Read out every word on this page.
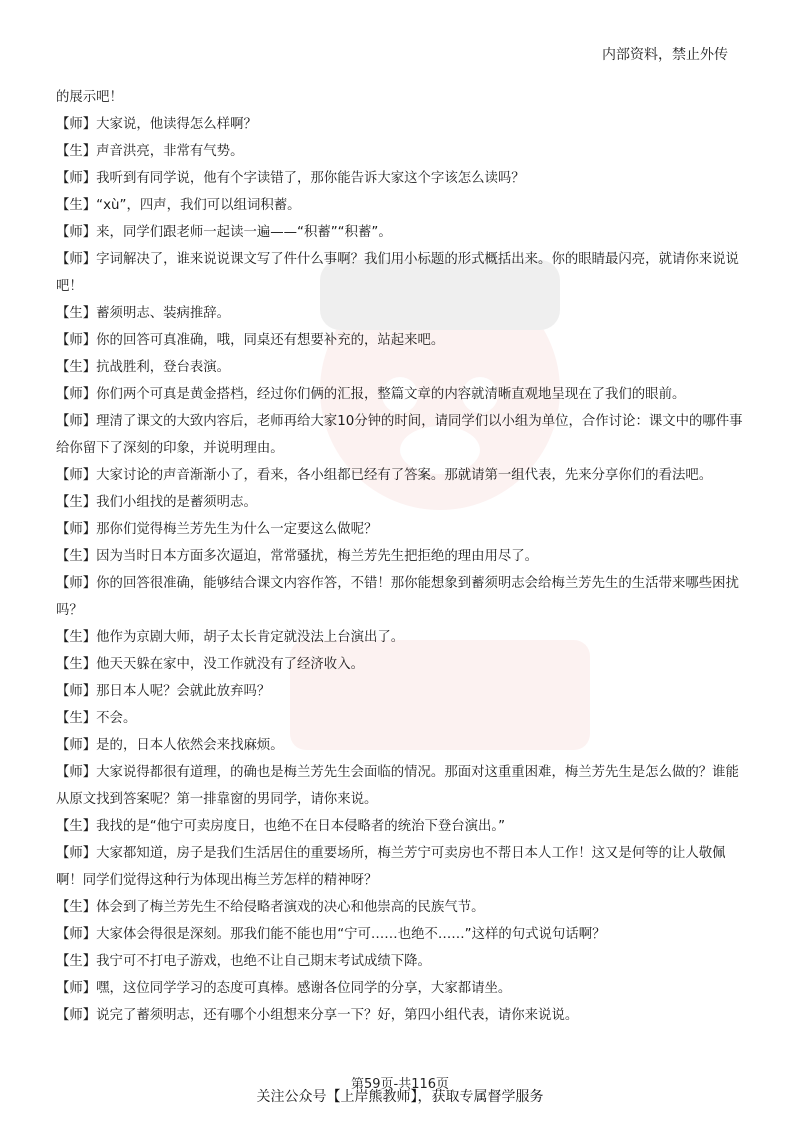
内部资料，禁止外传

的展示吧！

【师】大家说，他读得怎么样啊？

【生】声音洪亮，非常有气势。

【师】我听到有同学说，他有个字读错了，那你能告诉大家这个字该怎么读吗？

【生】“xù”，四声，我们可以组词积蓄。

【师】来，同学们跟老师一起读一遍——“积蓄”“积蓄”。

【师】字词解决了，谁来说说课文写了件什么事啊？我们用小标题的形式概括出来。你的眼睛最闪亮，就请你来说说吧！

【生】蓄须明志、装病推辞。

【师】你的回答可真准确，哦，同桌还有想要补充的，站起来吧。

【生】抗战胜利，登台表演。

【师】你们两个可真是黄金搭档，经过你们俩的汇报，整篇文章的内容就清晰直观地呈现在了我们的眼前。

【师】理清了课文的大致内容后，老师再给大家10分钟的时间，请同学们以小组为单位，合作讨论：课文中的哪件事给你留下了深刻的印象，并说明理由。

【师】大家讨论的声音渐渐小了，看来，各小组都已经有了答案。那就请第一组代表，先来分享你们的看法吧。

【生】我们小组找的是蓄须明志。

【师】那你们觉得梅兰芳先生为什么一定要这么做呢？

【生】因为当时日本方面多次逼迫，常常骚扰，梅兰芳先生把拒绝的理由用尽了。

【师】你的回答很准确，能够结合课文内容作答，不错！那你能想象到蓄须明志会给梅兰芳先生的生活带来哪些困扰吗？

【生】他作为京剧大师，胡子太长肯定就没法上台演出了。

【生】他天天躲在家中，没工作就没有了经济收入。

【师】那日本人呢？会就此放弃吗？

【生】不会。

【师】是的，日本人依然会来找麻烦。

【师】大家说得都很有道理，的确也是梅兰芳先生会面临的情况。那面对这重重困难，梅兰芳先生是怎么做的？谁能从原文找到答案呢？第一排靠窗的男同学，请你来说。

【生】我找的是“他宁可卖房度日，也绝不在日本侵略者的统治下登台演出。”

【师】大家都知道，房子是我们生活居住的重要场所，梅兰芳宁可卖房也不帮日本人工作！这又是何等的让人敬佩啊！同学们觉得这种行为体现出梅兰芳怎样的精神呀？

【生】体会到了梅兰芳先生不给侵略者演戏的决心和他崇高的民族气节。

【师】大家体会得很是深刻。那我们能不能也用“宁可……也绝不……”这样的句式说句话啊？

【生】我宁可不打电子游戏，也绝不让自己期末考试成绩下降。

【师】嘿，这位同学学习的态度可真棒。感谢各位同学的分享，大家都请坐。

【师】说完了蓄须明志，还有哪个小组想来分享一下？好，第四小组代表，请你来说说。

第59页-共116页
关注公众号【上岸熊教师】，获取专属督学服务
